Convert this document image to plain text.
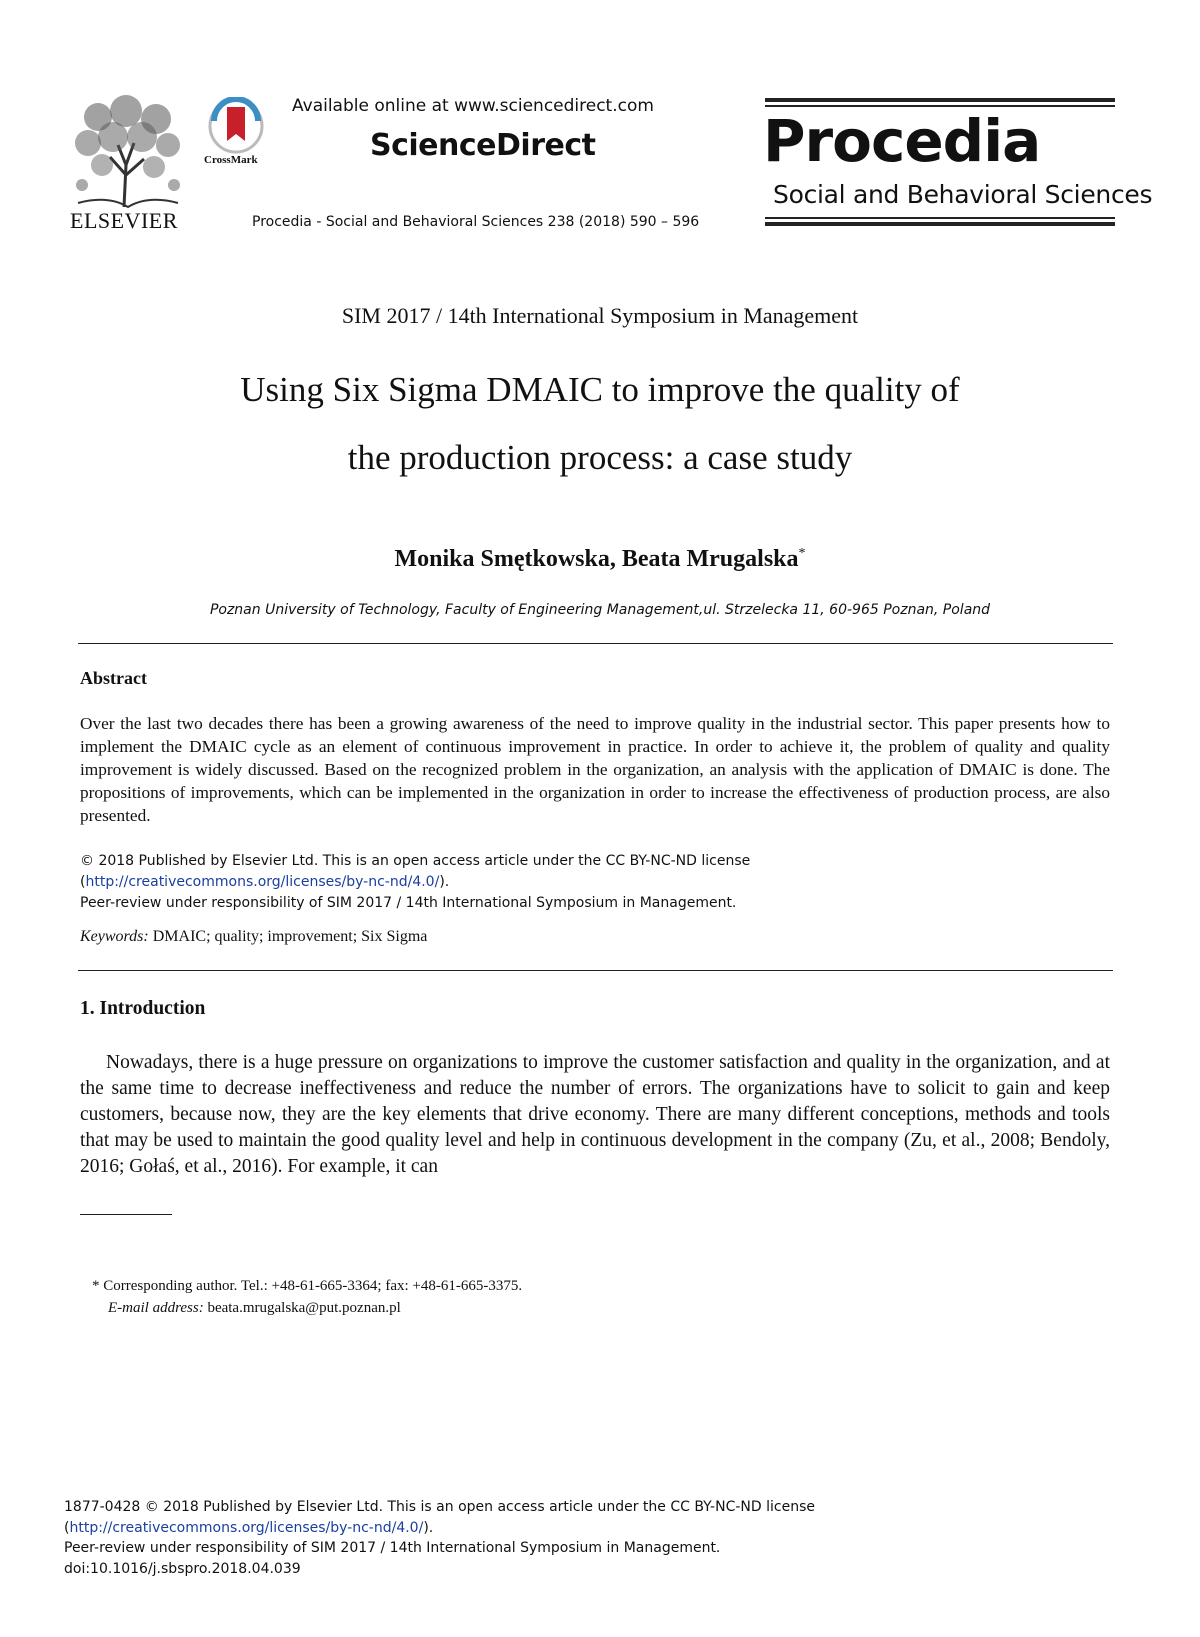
ELSEVIER
CrossMark
Available online at www.sciencedirect.com
ScienceDirect
Procedia - Social and Behavioral Sciences 238 (2018) 590 – 596
Procedia
Social and Behavioral Sciences
SIM 2017 / 14th International Symposium in Management
Using Six Sigma DMAIC to improve the quality of
the production process: a case study
Monika Smętkowska, Beata Mrugalska*
Poznan University of Technology, Faculty of Engineering Management,ul. Strzelecka 11, 60-965 Poznan, Poland
Abstract
Over the last two decades there has been a growing awareness of the need to improve quality in the industrial sector. This paper presents how to implement the DMAIC cycle as an element of continuous improvement in practice. In order to achieve it, the problem of quality and quality improvement is widely discussed. Based on the recognized problem in the organization, an analysis with the application of DMAIC is done. The propositions of improvements, which can be implemented in the organization in order to increase the effectiveness of production process, are also presented.
© 2018 Published by Elsevier Ltd. This is an open access article under the CC BY-NC-ND license
(http://creativecommons.org/licenses/by-nc-nd/4.0/).
Peer-review under responsibility of SIM 2017 / 14th International Symposium in Management.
Keywords: DMAIC; quality; improvement; Six Sigma
1. Introduction
Nowadays, there is a huge pressure on organizations to improve the customer satisfaction and quality in the organization, and at the same time to decrease ineffectiveness and reduce the number of errors. The organizations have to solicit to gain and keep customers, because now, they are the key elements that drive economy. There are many different conceptions, methods and tools that may be used to maintain the good quality level and help in continuous development in the company (Zu, et al., 2008; Bendoly, 2016; Gołaś, et al., 2016). For example, it can
* Corresponding author. Tel.: +48-61-665-3364; fax: +48-61-665-3375.
E-mail address: beata.mrugalska@put.poznan.pl
1877-0428 © 2018 Published by Elsevier Ltd. This is an open access article under the CC BY-NC-ND license
(http://creativecommons.org/licenses/by-nc-nd/4.0/).
Peer-review under responsibility of SIM 2017 / 14th International Symposium in Management.
doi:10.1016/j.sbspro.2018.04.039
